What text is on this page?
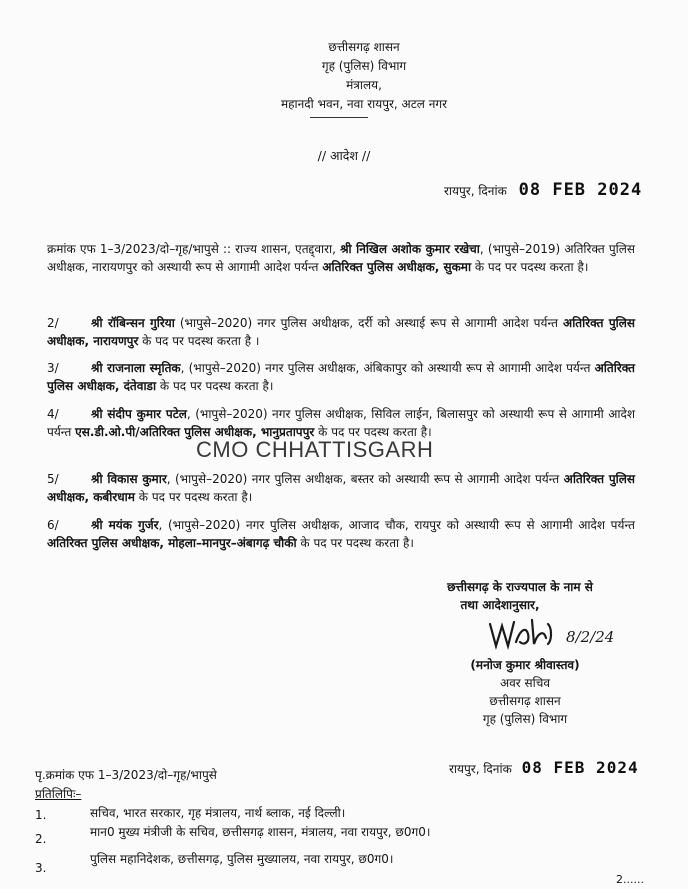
छत्तीसगढ़ शासन
गृह (पुलिस) विभाग
मंत्रालय,
महानदी भवन, नवा रायपुर, अटल नगर
// आदेश //
रायपुर, दिनांक 08 FEB 2024
क्रमांक एफ 1–3/2023/दो–गृह/भापुसे :: राज्य शासन, एतद्द्वारा, श्री निखिल अशोक कुमार रखेचा, (भापुसे–2019) अतिरिक्त पुलिस अधीक्षक, नारायणपुर को अस्थायी रूप से आगामी आदेश पर्यन्त अतिरिक्त पुलिस अधीक्षक, सुकमा के पद पर पदस्थ करता है।
2/	श्री रॉबिन्सन गुरिया (भापुसे–2020) नगर पुलिस अधीक्षक, दर्री को अस्थाई रूप से आगामी आदेश पर्यन्त अतिरिक्त पुलिस अधीक्षक, नारायणपुर के पद पर पदस्थ करता है ।
3/	श्री राजनाला स्मृतिक, (भापुसे–2020) नगर पुलिस अधीक्षक, अंबिकापुर को अस्थायी रूप से आगामी आदेश पर्यन्त अतिरिक्त पुलिस अधीक्षक, दंतेवाडा के पद पर पदस्थ करता है।
4/	श्री संदीप कुमार पटेल, (भापुसे–2020) नगर पुलिस अधीक्षक, सिविल लाईन, बिलासपुर को अस्थायी रूप से आगामी आदेश पर्यन्त एस.डी.ओ.पी/अतिरिक्त पुलिस अधीक्षक, भानुप्रतापपुर के पद पर पदस्थ करता है।
CMO CHHATTISGARH
5/	श्री विकास कुमार, (भापुसे–2020) नगर पुलिस अधीक्षक, बस्तर को अस्थायी रूप से आगामी आदेश पर्यन्त अतिरिक्त पुलिस अधीक्षक, कबीरधाम के पद पर पदस्थ करता है।
6/	श्री मयंक गुर्जर, (भापुसे–2020) नगर पुलिस अधीक्षक, आजाद चौक, रायपुर को अस्थायी रूप से आगामी आदेश पर्यन्त अतिरिक्त पुलिस अधीक्षक, मोहला–मानपुर–अंबागढ़ चौकी के पद पर पदस्थ करता है।
छत्तीसगढ़ के राज्यपाल के नाम से
तथा आदेशानुसार,
8/2/24
(मनोज कुमार श्रीवास्तव)
अवर सचिव
छत्तीसगढ़ शासन
गृह (पुलिस) विभाग
पृ.क्रमांक एफ 1–3/2023/दो–गृह/भापुसे	रायपुर, दिनांक 08 FEB 2024
प्रतिलिपिः–
1.	सचिव, भारत सरकार, गृह मंत्रालय, नार्थ ब्लाक, नई दिल्ली।
2.	मान0 मुख्य मंत्रीजी के सचिव, छत्तीसगढ़ शासन, मंत्रालय, नवा रायपुर, छ0ग0।
3.
पुलिस महानिदेशक, छत्तीसगढ़, पुलिस मुख्यालय, नवा रायपुर, छ0ग0।
2......
